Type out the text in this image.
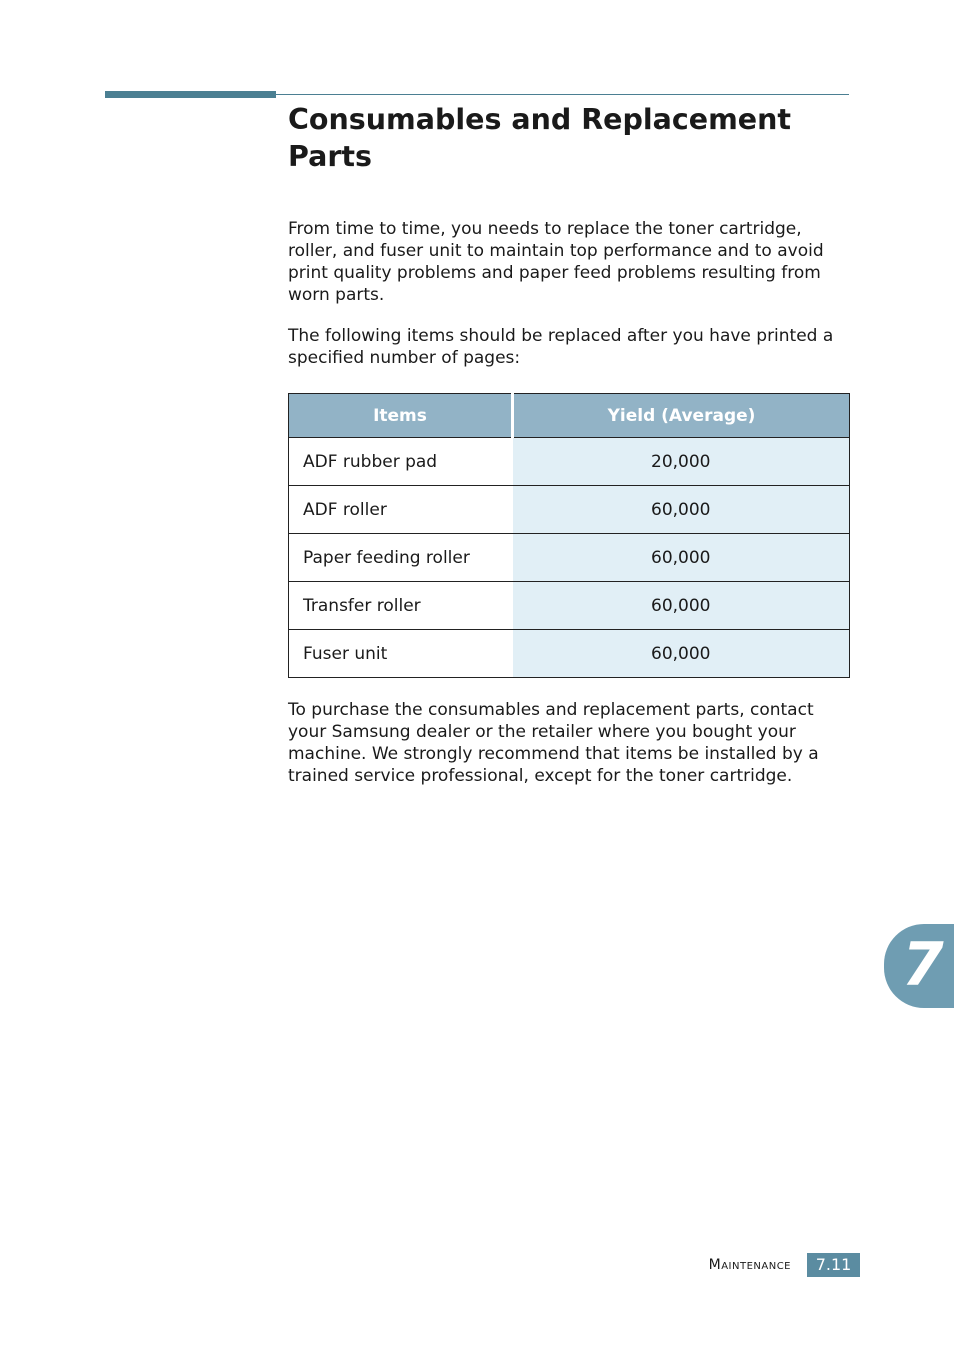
Consumables and Replacement Parts

From time to time, you needs to replace the toner cartridge, roller, and fuser unit to maintain top performance and to avoid print quality problems and paper feed problems resulting from worn parts.

The following items should be replaced after you have printed a specified number of pages:

Items	Yield (Average)
ADF rubber pad	20,000
ADF roller	60,000
Paper feeding roller	60,000
Transfer roller	60,000
Fuser unit	60,000

To purchase the consumables and replacement parts, contact your Samsung dealer or the retailer where you bought your machine. We strongly recommend that items be installed by a trained service professional, except for the toner cartridge.

7
Maintenance	7.11
